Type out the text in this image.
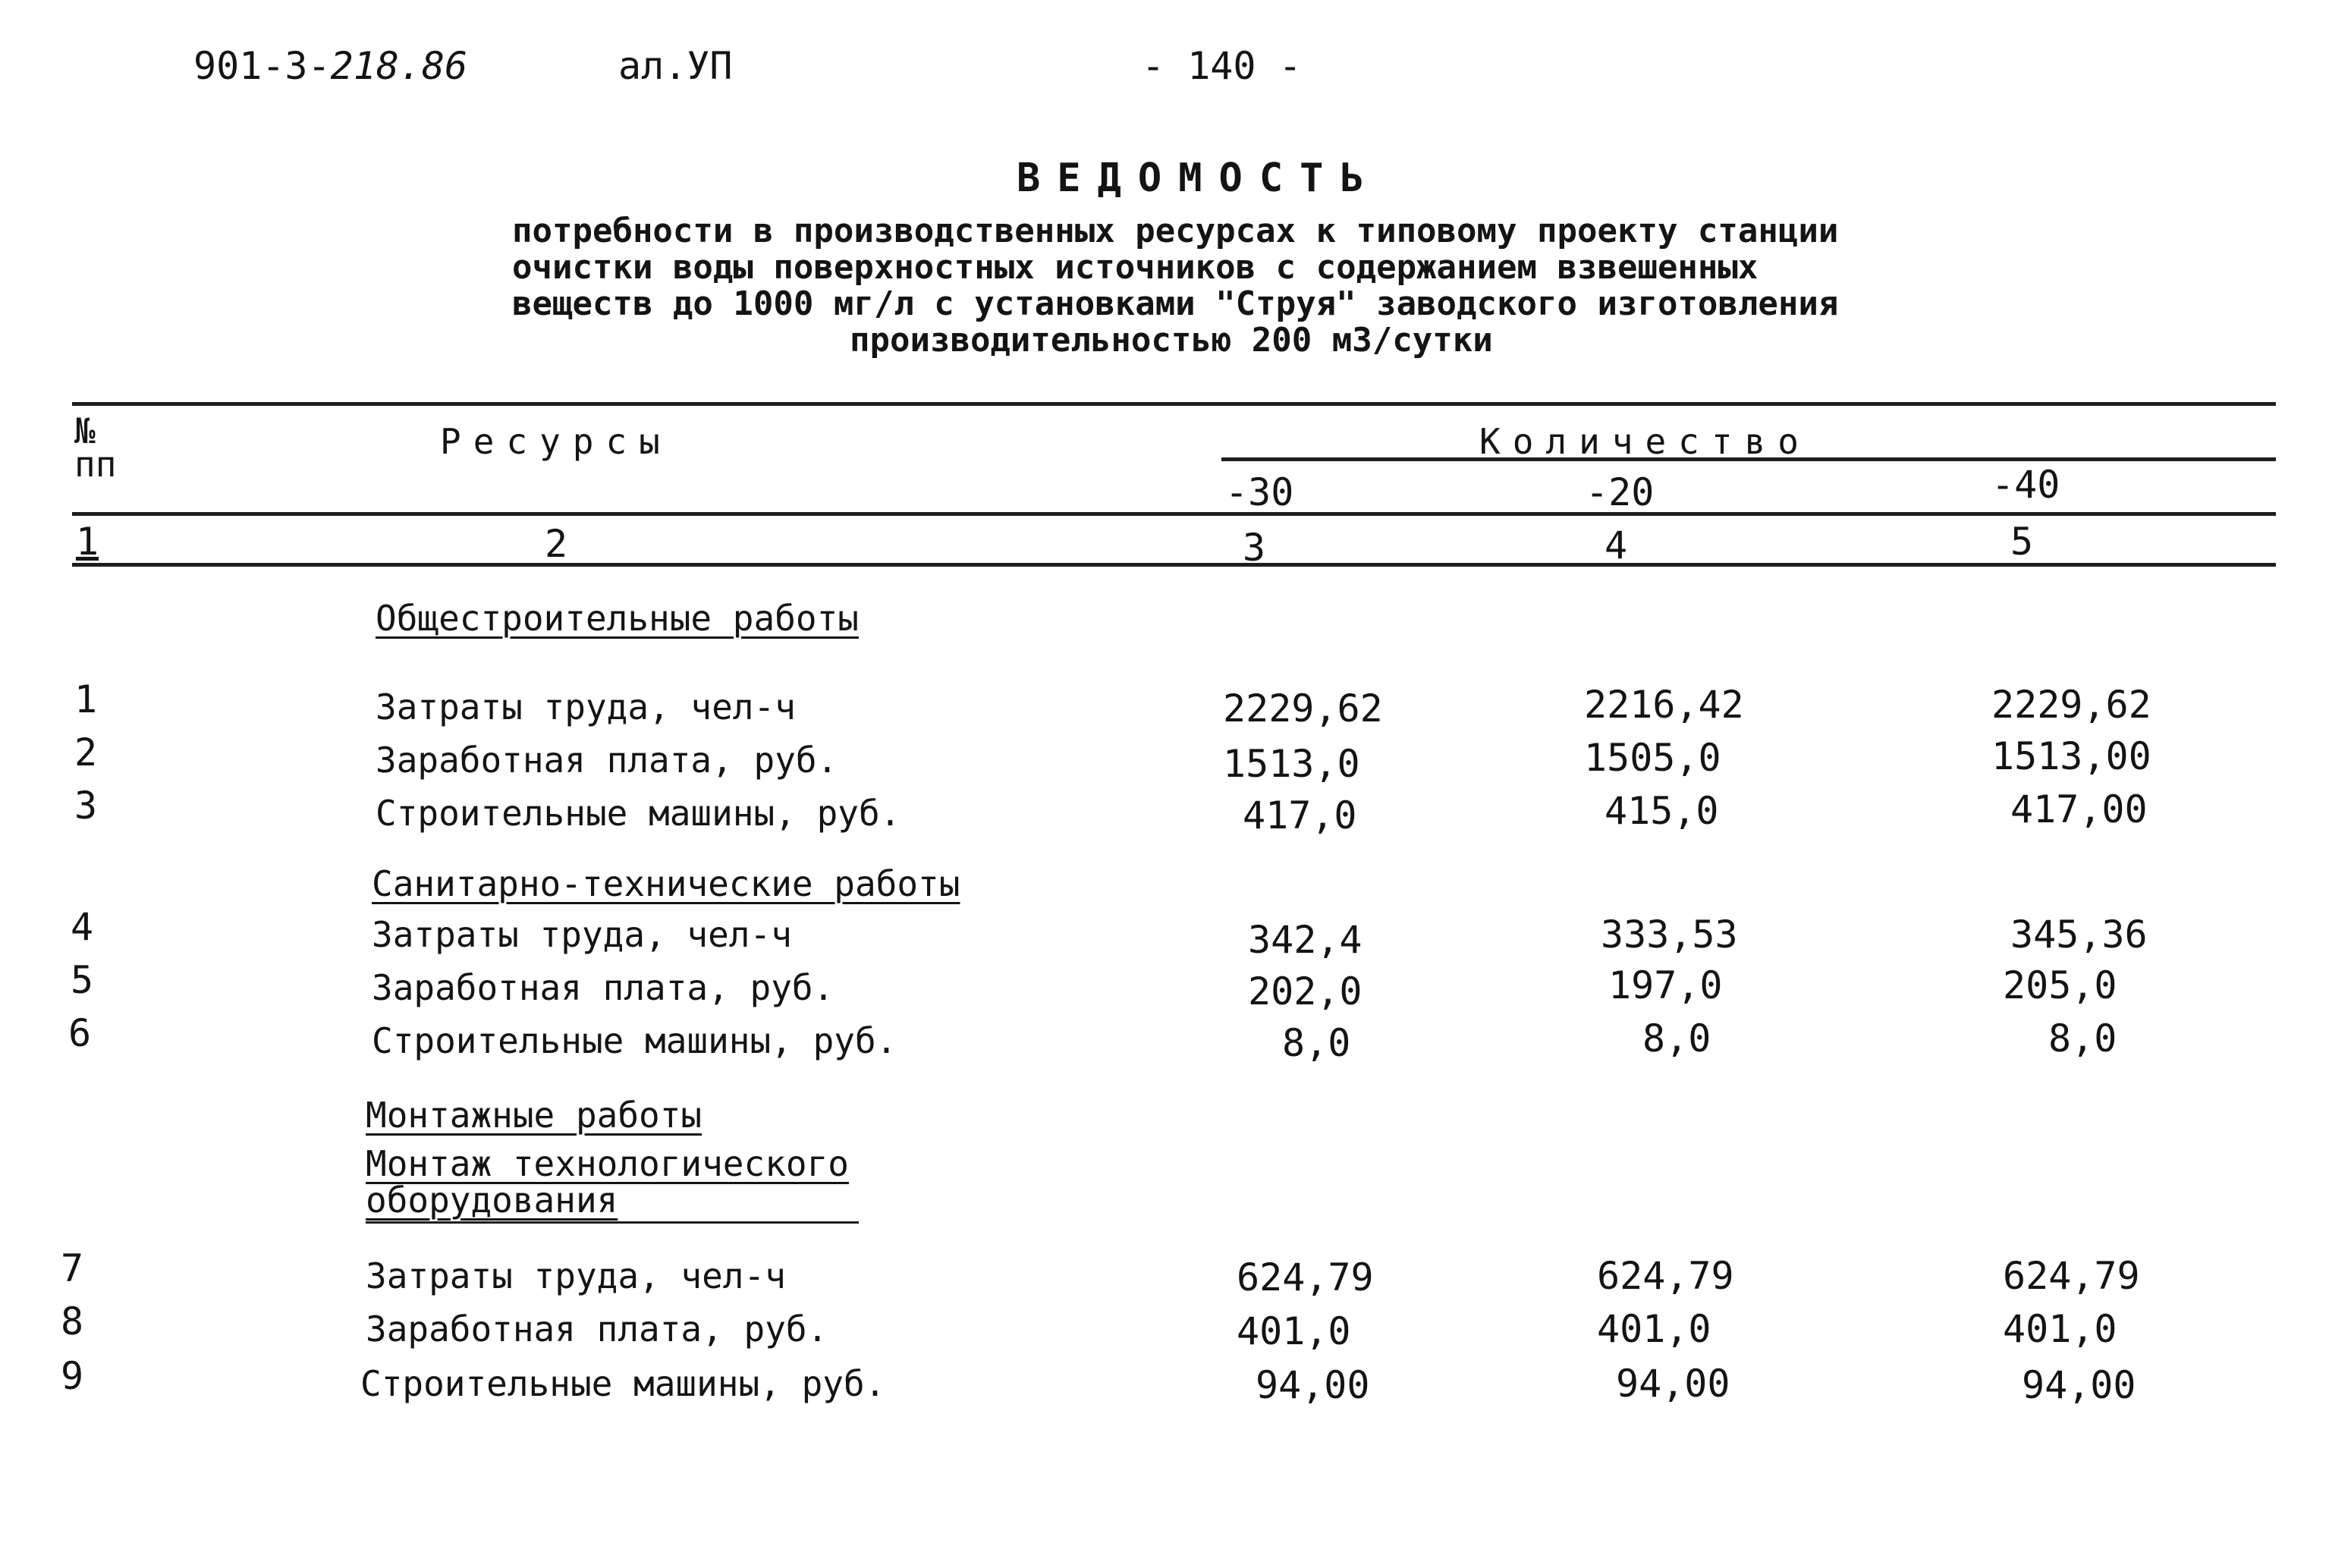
901-3-218.86	ал.УП	- 140 -
ВЕДОМОСТЬ
потребности в производственных ресурсах к типовому проекту станции
очистки воды поверхностных источников с содержанием взвешенных
веществ до 1000 мг/л с установками "Струя" заводского изготовления
производительностью 200 м3/сутки
№
пп
Ресурсы	Количество
-30	-20	-40
1	2	3	4	5
Общестроительные работы
1	Затраты труда, чел-ч	2229,62	2216,42	2229,62
2	Заработная плата, руб.	1513,0	1505,0	1513,00
3	Строительные машины, руб.	417,0	415,0	417,00
Санитарно-технические работы
4	Затраты труда, чел-ч	342,4	333,53	345,36
5	Заработная плата, руб.	202,0	197,0	205,0
6	Строительные машины, руб.	8,0	8,0	8,0
Монтажные работы
Монтаж технологического
оборудования
7	Затраты труда, чел-ч	624,79	624,79	624,79
8	Заработная плата, руб.	401,0	401,0	401,0
9	Строительные машины, руб.	94,00	94,00	94,00
